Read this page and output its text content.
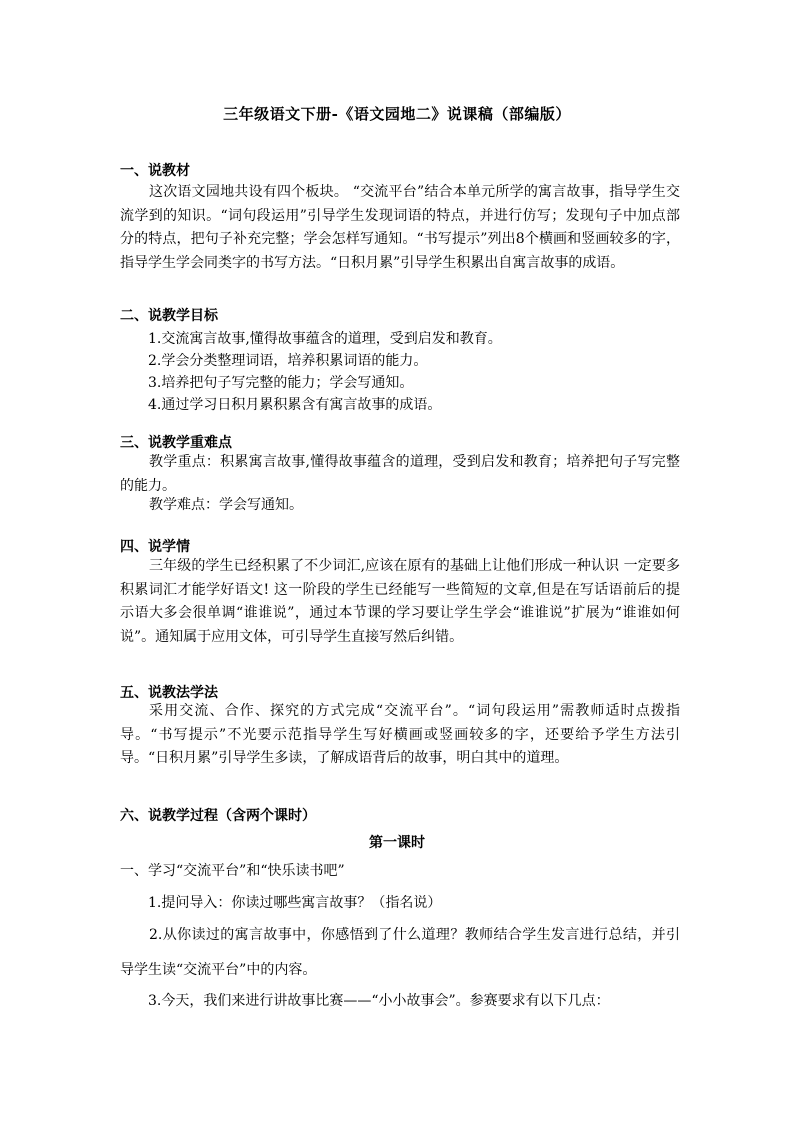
三年级语文下册-《语文园地二》说课稿（部编版）
一、说教材
这次语文园地共设有四个板块。 “交流平台”结合本单元所学的寓言故事，指导学生交流学到的知识。“词句段运用”引导学生发现词语的特点，并进行仿写；发现句子中加点部分的特点，把句子补充完整；学会怎样写通知。“书写提示”列出8个横画和竖画较多的字，指导学生学会同类字的书写方法。“日积月累”引导学生积累出自寓言故事的成语。
二、说教学目标
1.交流寓言故事,懂得故事蕴含的道理，受到启发和教育。
2.学会分类整理词语，培养积累词语的能力。
3.培养把句子写完整的能力；学会写通知。
4.通过学习日积月累积累含有寓言故事的成语。
三、说教学重难点
教学重点：积累寓言故事,懂得故事蕴含的道理，受到启发和教育；培养把句子写完整的能力。
教学难点：学会写通知。
四、说学情
三年级的学生已经积累了不少词汇,应该在原有的基础上让他们形成一种认识 一定要多积累词汇才能学好语文! 这一阶段的学生已经能写一些简短的文章,但是在写话语前后的提示语大多会很单调“谁谁说”，通过本节课的学习要让学生学会“谁谁说”扩展为“谁谁如何说”。通知属于应用文体，可引导学生直接写然后纠错。
五、说教法学法
采用交流、合作、探究的方式完成“交流平台”。“词句段运用”需教师适时点拨指导。“书写提示”不光要示范指导学生写好横画或竖画较多的字，还要给予学生方法引导。“日积月累”引导学生多读，了解成语背后的故事，明白其中的道理。
六、说教学过程（含两个课时）
第一课时
一、学习“交流平台”和“快乐读书吧”
1.提问导入：你读过哪些寓言故事？（指名说）
2.从你读过的寓言故事中，你感悟到了什么道理？教师结合学生发言进行总结，并引导学生读“交流平台”中的内容。
3.今天，我们来进行讲故事比赛——“小小故事会”。参赛要求有以下几点：
